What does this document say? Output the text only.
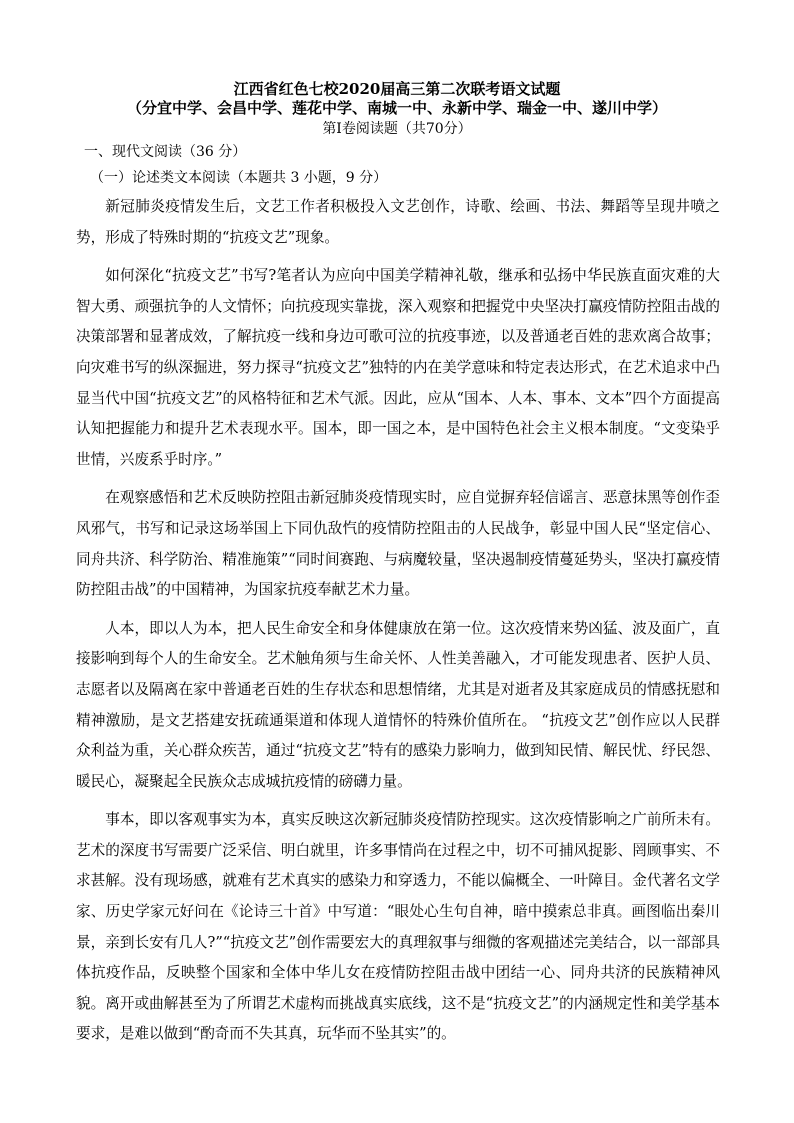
江西省红色七校2020届高三第二次联考语文试题
（分宜中学、会昌中学、莲花中学、南城一中、永新中学、瑞金一中、遂川中学）
第Ⅰ卷阅读题（共70分）
一、现代文阅读（36 分）
（一）论述类文本阅读（本题共 3 小题，9 分）

新冠肺炎疫情发生后，文艺工作者积极投入文艺创作，诗歌、绘画、书法、舞蹈等呈现井喷之势，形成了特殊时期的“抗疫文艺”现象。

如何深化“抗疫文艺”书写?笔者认为应向中国美学精神礼敬，继承和弘扬中华民族直面灾难的大智大勇、顽强抗争的人文情怀；向抗疫现实靠拢，深入观察和把握党中央坚决打赢疫情防控阻击战的决策部署和显著成效，了解抗疫一线和身边可歌可泣的抗疫事迹，以及普通老百姓的悲欢离合故事；向灾难书写的纵深掘进，努力探寻“抗疫文艺”独特的内在美学意味和特定表达形式，在艺术追求中凸显当代中国“抗疫文艺”的风格特征和艺术气派。因此，应从“国本、人本、事本、文本”四个方面提高认知把握能力和提升艺术表现水平。国本，即一国之本，是中国特色社会主义根本制度。“文变染乎世情，兴废系乎时序。”

在观察感悟和艺术反映防控阻击新冠肺炎疫情现实时，应自觉摒弃轻信谣言、恶意抹黑等创作歪风邪气，书写和记录这场举国上下同仇敌忾的疫情防控阻击的人民战争，彰显中国人民“坚定信心、同舟共济、科学防治、精准施策”“同时间赛跑、与病魔较量，坚决遏制疫情蔓延势头，坚决打赢疫情防控阻击战”的中国精神，为国家抗疫奉献艺术力量。

人本，即以人为本，把人民生命安全和身体健康放在第一位。这次疫情来势凶猛、波及面广，直接影响到每个人的生命安全。艺术触角须与生命关怀、人性美善融入，才可能发现患者、医护人员、志愿者以及隔离在家中普通老百姓的生存状态和思想情绪，尤其是对逝者及其家庭成员的情感抚慰和精神激励，是文艺搭建安抚疏通渠道和体现人道情怀的特殊价值所在。 “抗疫文艺”创作应以人民群众利益为重，关心群众疾苦，通过“抗疫文艺”特有的感染力影响力，做到知民情、解民忧、纾民怨、暖民心，凝聚起全民族众志成城抗疫情的磅礴力量。

事本，即以客观事实为本，真实反映这次新冠肺炎疫情防控现实。这次疫情影响之广前所未有。艺术的深度书写需要广泛采信、明白就里，许多事情尚在过程之中，切不可捕风捉影、罔顾事实、不求甚解。没有现场感，就难有艺术真实的感染力和穿透力，不能以偏概全、一叶障目。金代著名文学家、历史学家元好问在《论诗三十首》中写道：“眼处心生句自神，暗中摸索总非真。画图临出秦川景，亲到长安有几人?”“抗疫文艺”创作需要宏大的真理叙事与细微的客观描述完美结合，以一部部具体抗疫作品，反映整个国家和全体中华儿女在疫情防控阻击战中团结一心、同舟共济的民族精神风貌。离开或曲解甚至为了所谓艺术虚构而挑战真实底线，这不是“抗疫文艺”的内涵规定性和美学基本要求，是难以做到“酌奇而不失其真，玩华而不坠其实”的。
